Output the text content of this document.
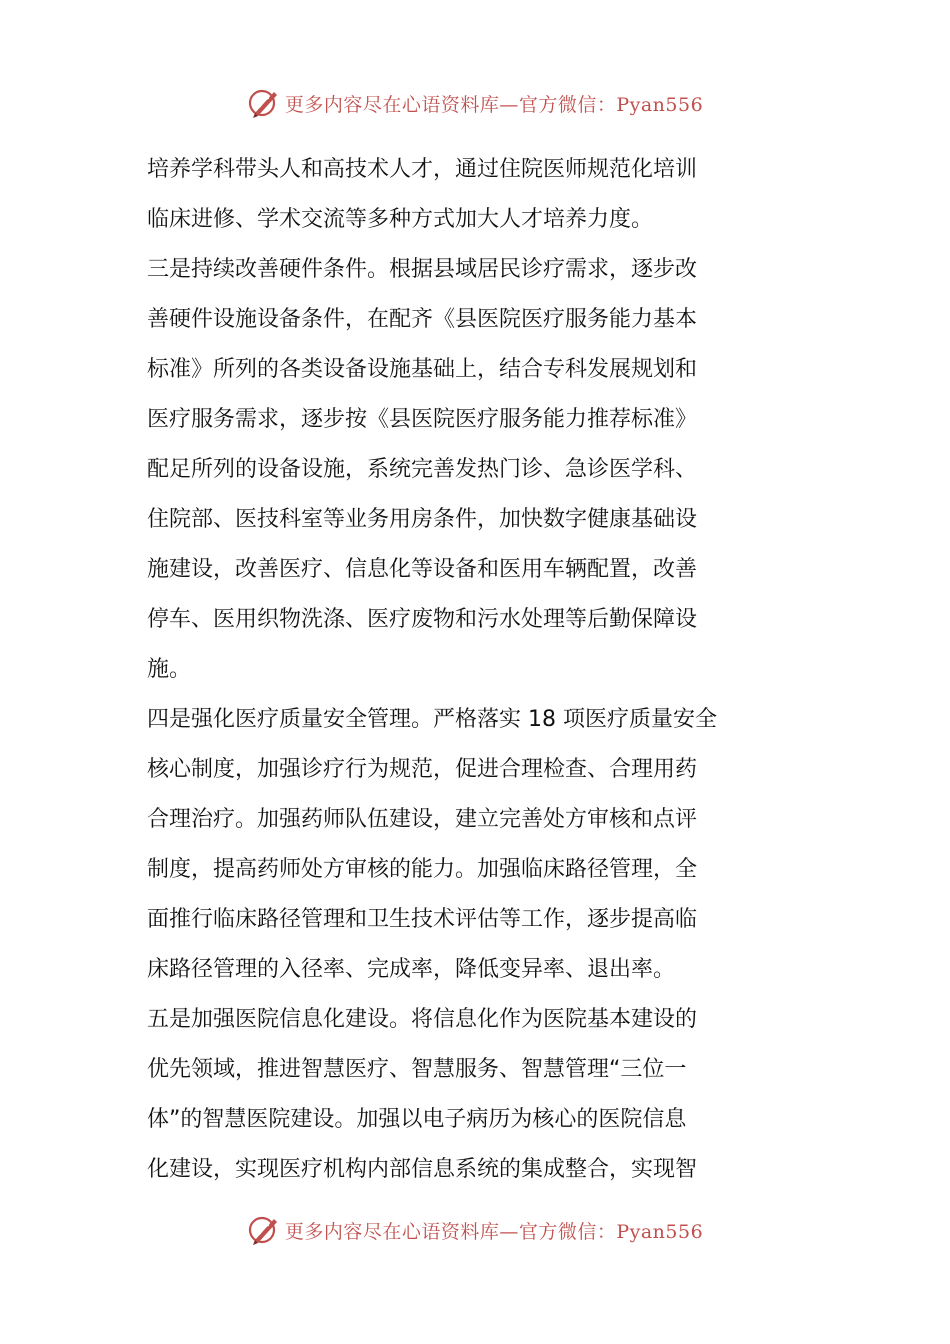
更多内容尽在心语资料库—官方微信：Pyan556
培养学科带头人和高技术人才，通过住院医师规范化培训
临床进修、学术交流等多种方式加大人才培养力度。
三是持续改善硬件条件。根据县域居民诊疗需求，逐步改
善硬件设施设备条件，在配齐《县医院医疗服务能力基本
标准》所列的各类设备设施基础上，结合专科发展规划和
医疗服务需求，逐步按《县医院医疗服务能力推荐标准》
配足所列的设备设施，系统完善发热门诊、急诊医学科、
住院部、医技科室等业务用房条件，加快数字健康基础设
施建设，改善医疗、信息化等设备和医用车辆配置，改善
停车、医用织物洗涤、医疗废物和污水处理等后勤保障设
施。
四是强化医疗质量安全管理。严格落实 18 项医疗质量安全
核心制度，加强诊疗行为规范，促进合理检查、合理用药
合理治疗。加强药师队伍建设，建立完善处方审核和点评
制度，提高药师处方审核的能力。加强临床路径管理，全
面推行临床路径管理和卫生技术评估等工作，逐步提高临
床路径管理的入径率、完成率，降低变异率、退出率。
五是加强医院信息化建设。将信息化作为医院基本建设的
优先领域，推进智慧医疗、智慧服务、智慧管理“三位一
体”的智慧医院建设。加强以电子病历为核心的医院信息
化建设，实现医疗机构内部信息系统的集成整合，实现智
更多内容尽在心语资料库—官方微信：Pyan556
